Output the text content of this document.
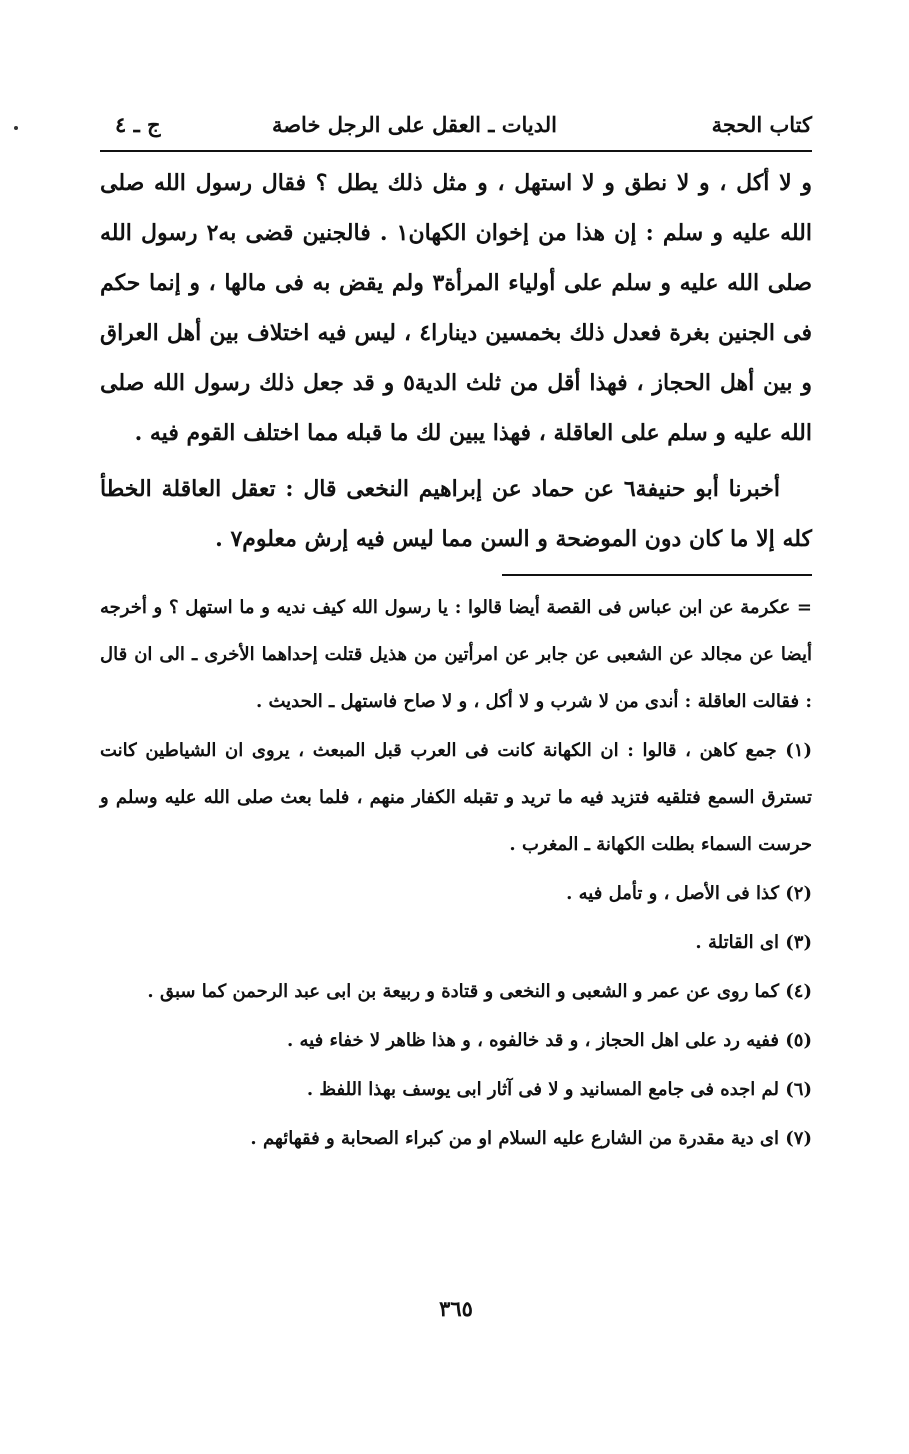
كتاب الحجة
الديات ـ العقل على الرجل خاصة
ج ـ ٤

و لا أكل ، و لا نطق و لا استهل ، و مثل ذلك يطل ؟ فقال رسول الله صلى الله عليه و سلم : إن هذا من إخوان الكهان١ . فالجنين قضى به٢ رسول الله صلى الله عليه و سلم على أولياء المرأة٣ ولم يقض به فى مالها ، و إنما حكم فى الجنين بغرة فعدل ذلك بخمسين دينارا٤ ، ليس فيه اختلاف بين أهل العراق و بين أهل الحجاز ، فهذا أقل من ثلث الدية٥ و قد جعل ذلك رسول الله صلى الله عليه و سلم على العاقلة ، فهذا يبين لك ما قبله مما اختلف القوم فيه .

أخبرنا أبو حنيفة٦ عن حماد عن إبراهيم النخعى قال : تعقل العاقلة الخطأ كله إلا ما كان دون الموضحة و السن مما ليس فيه إرش معلوم٧ .

= عكرمة عن ابن عباس فى القصة أيضا قالوا : يا رسول الله كيف نديه و ما استهل ؟ و أخرجه أيضا عن مجالد عن الشعبى عن جابر عن امرأتين من هذيل قتلت إحداهما الأخرى ـ الى ان قال : فقالت العاقلة : أندى من لا شرب و لا أكل ، و لا صاح فاستهل ـ الحديث .

(١) جمع كاهن ، قالوا : ان الكهانة كانت فى العرب قبل المبعث ، يروى ان الشياطين كانت تسترق السمع فتلقيه فتزيد فيه ما تريد و تقبله الكفار منهم ، فلما بعث صلى الله عليه وسلم و حرست السماء بطلت الكهانة ـ المغرب .

(٢) كذا فى الأصل ، و تأمل فيه .

(٣) اى القاتلة .

(٤) كما روى عن عمر و الشعبى و النخعى و قتادة و ربيعة بن ابى عبد الرحمن كما سبق .

(٥) ففيه رد على اهل الحجاز ، و قد خالفوه ، و هذا ظاهر لا خفاء فيه .

(٦) لم اجده فى جامع المسانيد و لا فى آثار ابى يوسف بهذا اللفظ .

(٧) اى دية مقدرة من الشارع عليه السلام او من كبراء الصحابة و فقهائهم .

٣٦٥
